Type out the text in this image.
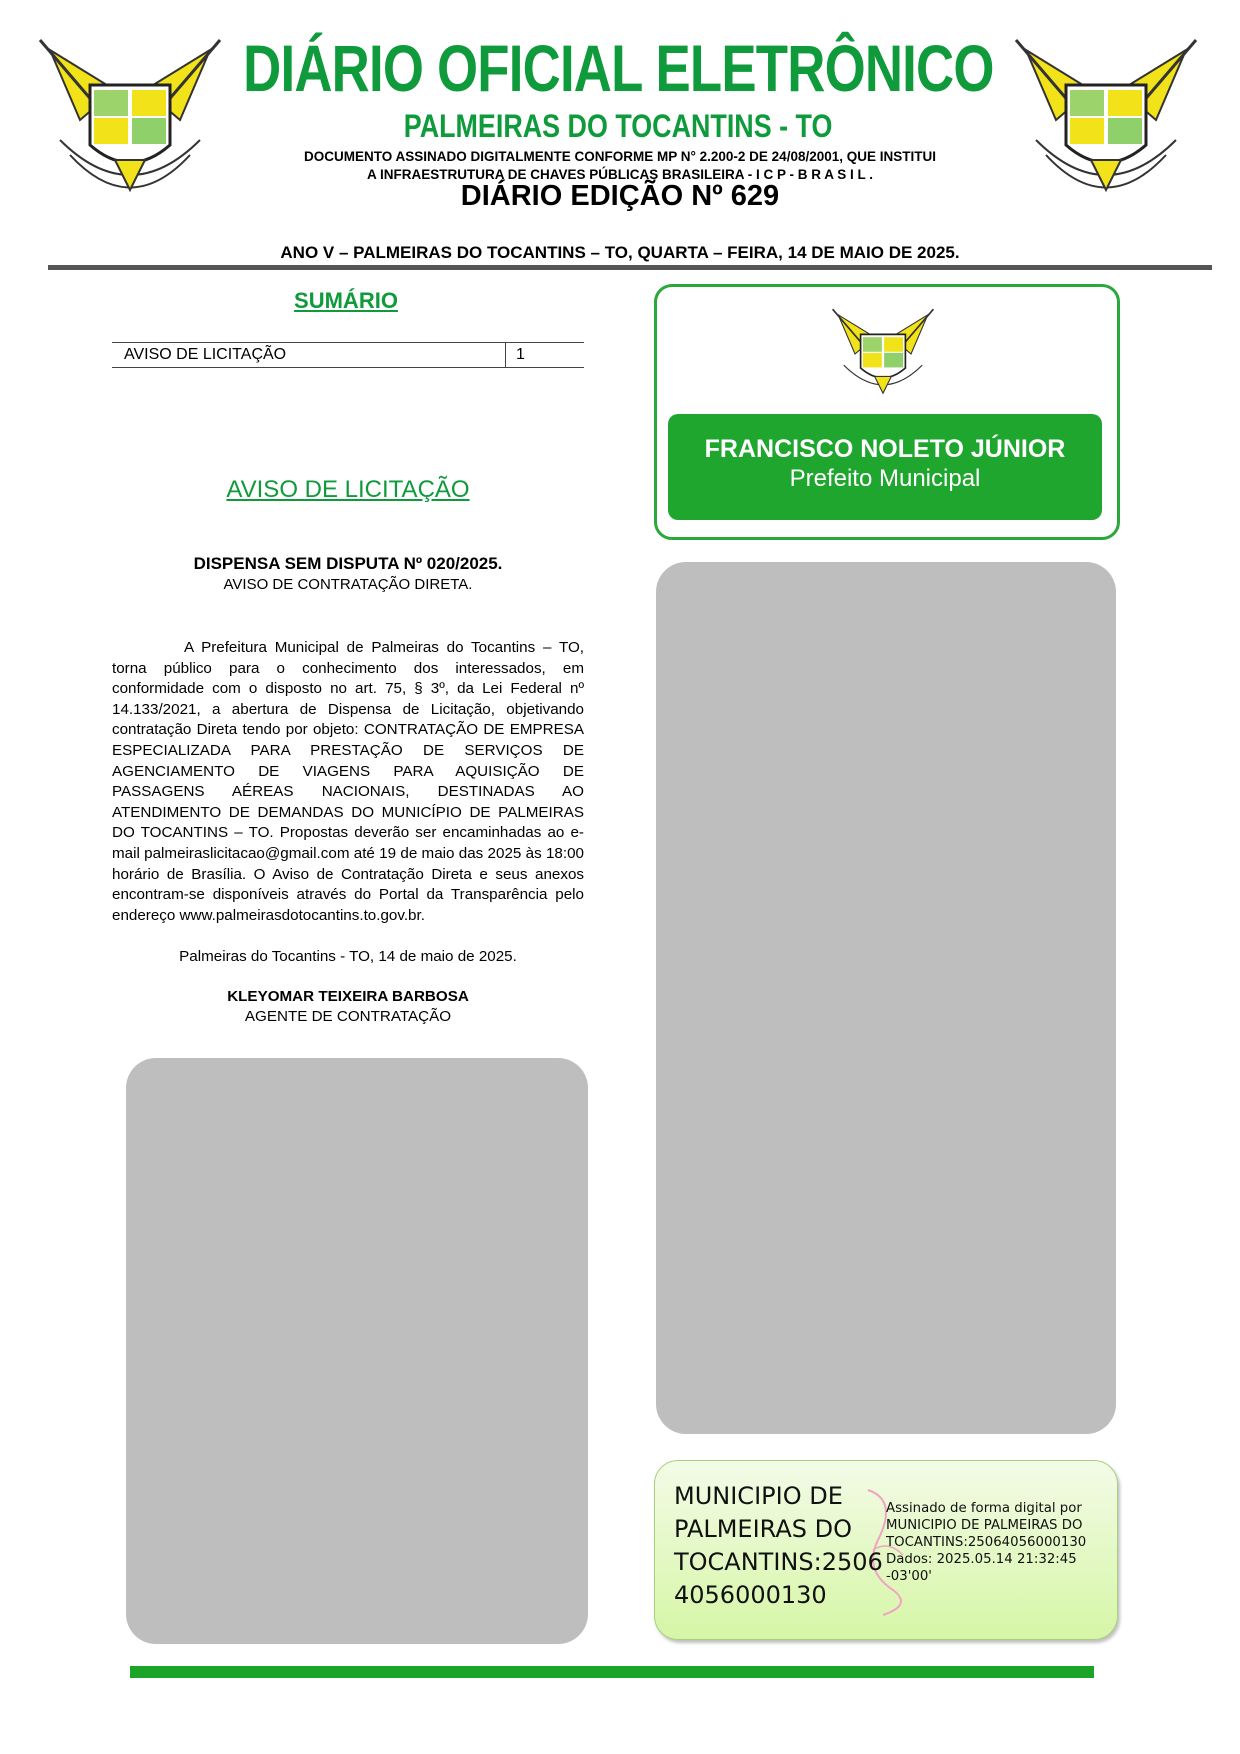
DIÁRIO OFICIAL ELETRÔNICO
PALMEIRAS DO TOCANTINS - TO
DOCUMENTO ASSINADO DIGITALMENTE CONFORME MP N° 2.200-2 DE 24/08/2001, QUE INSTITUI
A INFRAESTRUTURA DE CHAVES PÚBLICAS BRASILEIRA - I C P - B R A S I L .
DIÁRIO EDIÇÃO Nº 629
ANO V – PALMEIRAS DO TOCANTINS – TO, QUARTA – FEIRA, 14 DE MAIO DE 2025.
SUMÁRIO
AVISO DE LICITAÇÃO	1
AVISO DE LICITAÇÃO
DISPENSA SEM DISPUTA Nº 020/2025.
AVISO DE CONTRATAÇÃO DIRETA.
A Prefeitura Municipal de Palmeiras do Tocantins – TO, torna público para o conhecimento dos interessados, em conformidade com o disposto no art. 75, § 3º, da Lei Federal nº 14.133/2021, a abertura de Dispensa de Licitação, objetivando contratação Direta tendo por objeto: CONTRATAÇÃO DE EMPRESA ESPECIALIZADA PARA PRESTAÇÃO DE SERVIÇOS DE AGENCIAMENTO DE VIAGENS PARA AQUISIÇÃO DE PASSAGENS AÉREAS NACIONAIS, DESTINADAS AO ATENDIMENTO DE DEMANDAS DO MUNICÍPIO DE PALMEIRAS DO TOCANTINS – TO. Propostas deverão ser encaminhadas ao e-mail palmeiraslicitacao@gmail.com até 19 de maio das 2025 às 18:00 horário de Brasília. O Aviso de Contratação Direta e seus anexos encontram-se disponíveis através do Portal da Transparência pelo endereço www.palmeirasdotocantins.to.gov.br.
Palmeiras do Tocantins - TO, 14 de maio de 2025.
KLEYOMAR TEIXEIRA BARBOSA
AGENTE DE CONTRATAÇÃO
FRANCISCO NOLETO JÚNIOR
Prefeito Municipal
MUNICIPIO DE PALMEIRAS DO TOCANTINS:2506 4056000130
Assinado de forma digital por
MUNICIPIO DE PALMEIRAS DO
TOCANTINS:25064056000130
Dados: 2025.05.14 21:32:45
-03'00'
